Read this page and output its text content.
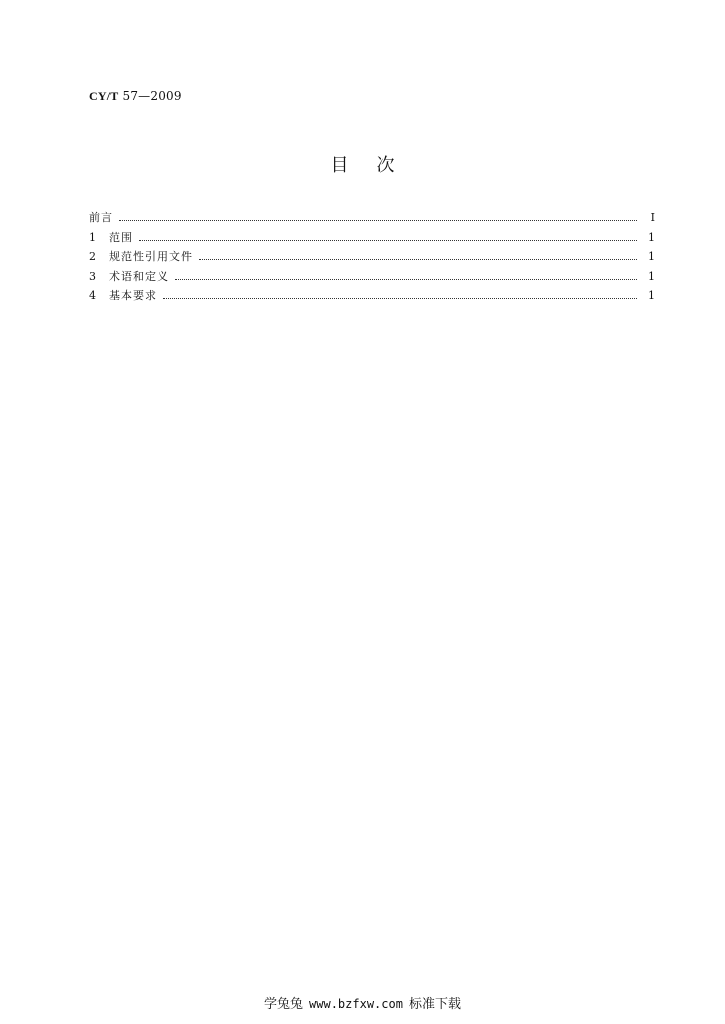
CY/T 57—2009
目次
前言	Ⅰ
1	范围	1
2	规范性引用文件	1
3	术语和定义	1
4	基本要求	1
学兔兔 www.bzfxw.com 标准下载
